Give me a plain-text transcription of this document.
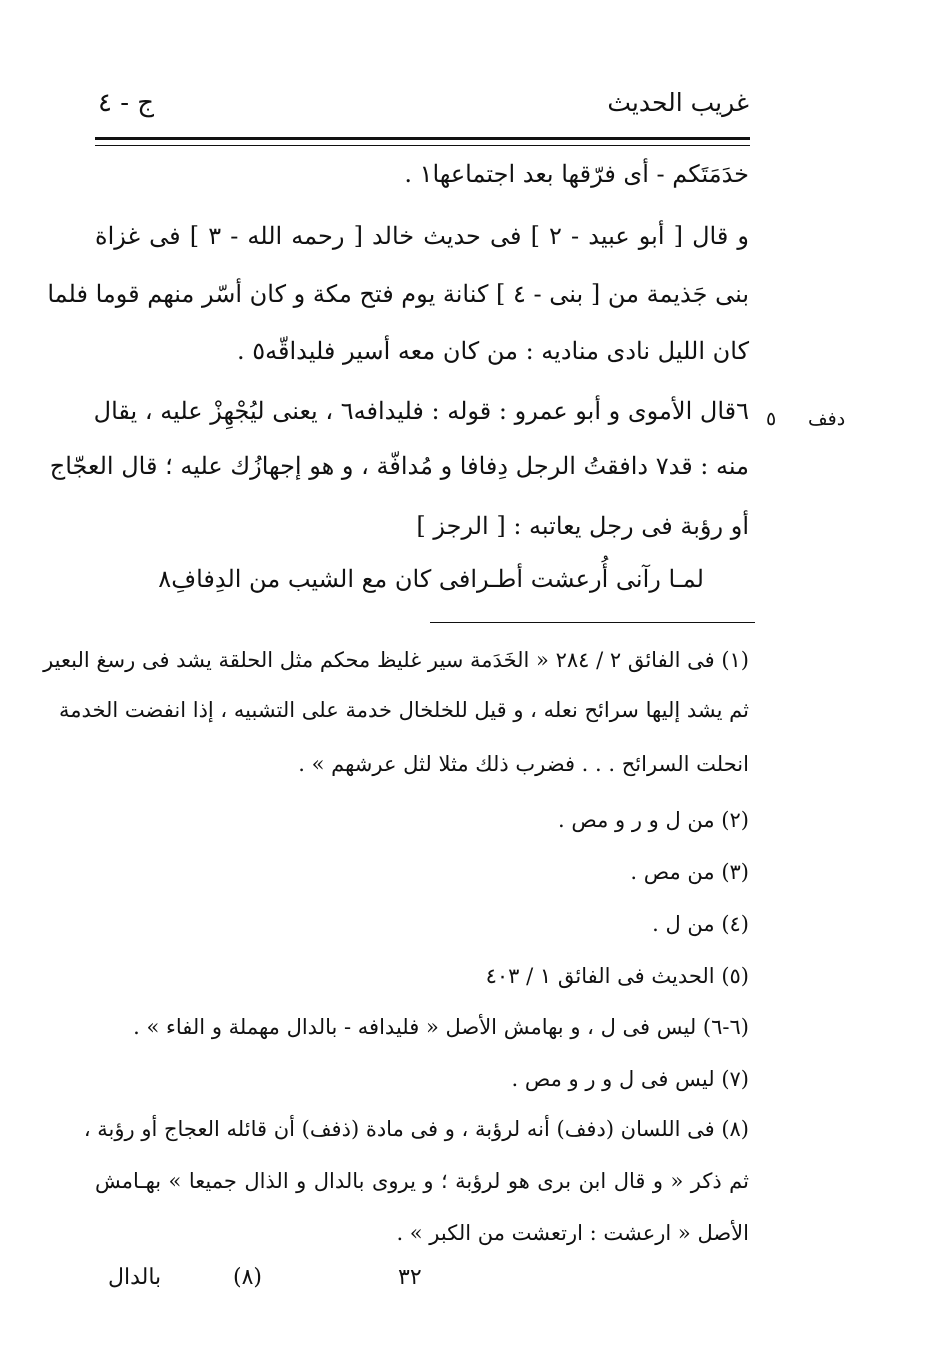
غريب الحديث
ج - ٤
خدَمَتَكم - أى فرّقها بعد اجتماعها١ .
و قال [ أبو عبيد - ٢ ] فى حديث خالد [ رحمه الله - ٣ ] فى غزاة
بنى جَذيمة من [ بنى - ٤ ] كنانة يوم فتح مكة و كان أسّر منهم قوما فلما
كان الليل نادى مناديه : من كان معه أسير فليداقّه٥ .
دفف
٥
٦قال الأموى و أبو عمرو : قوله : فليدافه٦ ، يعنى ليُجْهِزْ عليه ، يقال
منه : قد٧ دافقتُ الرجل دِفافا و مُدافّة ، و هو إجهازُك عليه ؛ قال العجّاج
أو رؤبة فى رجل يعاتبه : [ الرجز ]
لمـا رآنى أُرعشت أطـرافى كان مع الشيب من الدِفافِ٨
(١) فى الفائق ٢ / ٢٨٤ « الخَدَمة سير غليظ محكم مثل الحلقة يشد فى رسغ البعير
ثم يشد إليها سرائح نعله ، و قيل للخلخال خدمة على التشبيه ، إذا انفضت الخدمة
انحلت السرائح . . . فضرب ذلك مثلا لثل عرشهم » .
(٢) من ل و ر و مص .
(٣) من مص .
(٤) من ل .
(٥) الحديث فى الفائق ١ / ٤٠٣
(٦-٦) ليس فى ل ، و بهامش الأصل « فليدافه - بالدال مهملة و الفاء » .
(٧) ليس فى ل و ر و مص .
(٨) فى اللسان (دفف) أنه لرؤبة ، و فى مادة (ذفف) أن قائله العجاج أو رؤبة ،
ثم ذكر « و قال ابن برى هو لرؤبة ؛ و يروى بالدال و الذال جميعا » بهـامش
الأصل « ارعشت : ارتعشت من الكبر » .
بالدال	(٨)	٣٢
